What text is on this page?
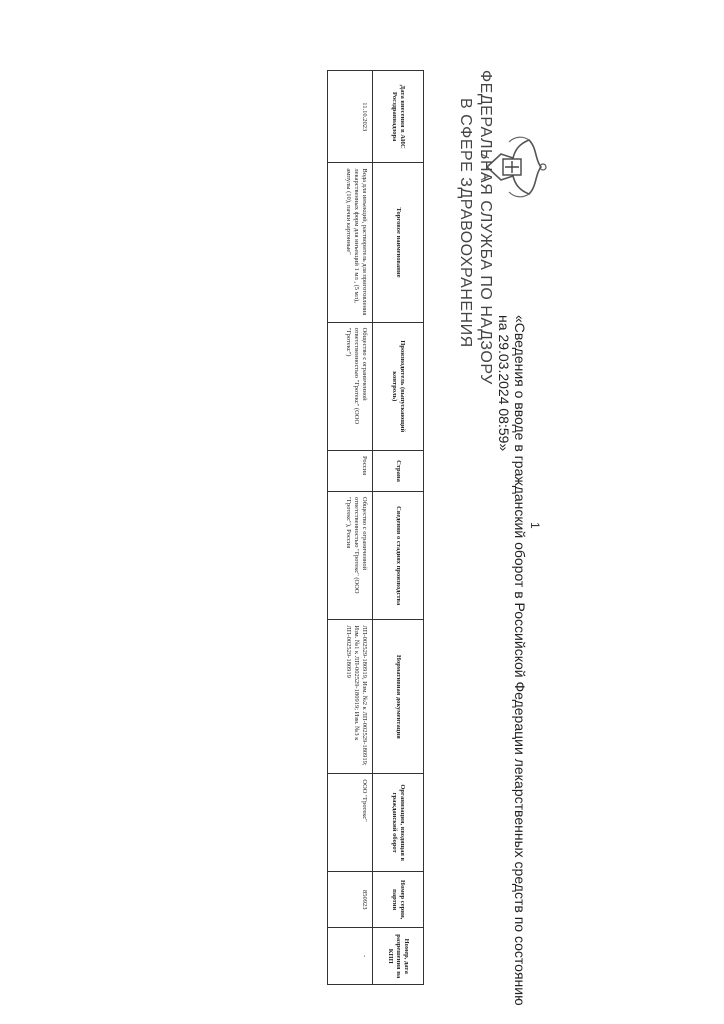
ФЕДЕРАЛЬНАЯ СЛУЖБА ПО НАДЗОРУ
В СФЕРЕ ЗДРАВООХРАНЕНИЯ
«Сведения о вводе в гражданский оборот в Российской Федерации лекарственных средств по состоянию на 29.03.2024 08:59»
Дата внесения в АИС Росздравнадзора	Торговое наименование	Производитель (выпускающий контроль)	Страна	Сведения о стадиях производства	Нормативная документация	Организация, вводящая в гражданский оборот	Номер серии, партии	Номер, дата разрешения на КПП
11.10.2023	Вода для инъекций, растворитель для приготовления лекарственных форм для инъекций 1 мл , (5 мл), ампулы (10), пачки картонные"	Общество с ограниченной ответственностью "Гротекс" (ООО "Гротекс")	Россия	Общество с ограниченной ответственностью "Гротекс" (ООО "Гротекс"), Россия	ЛП-002529-180919, Изм. №2 к ЛП-002529-180919; Изм. №1 к ЛП-002529-180919; Изм. №3 к ЛП-002529-180919	ООО "Гротекс"	850923	-
1
